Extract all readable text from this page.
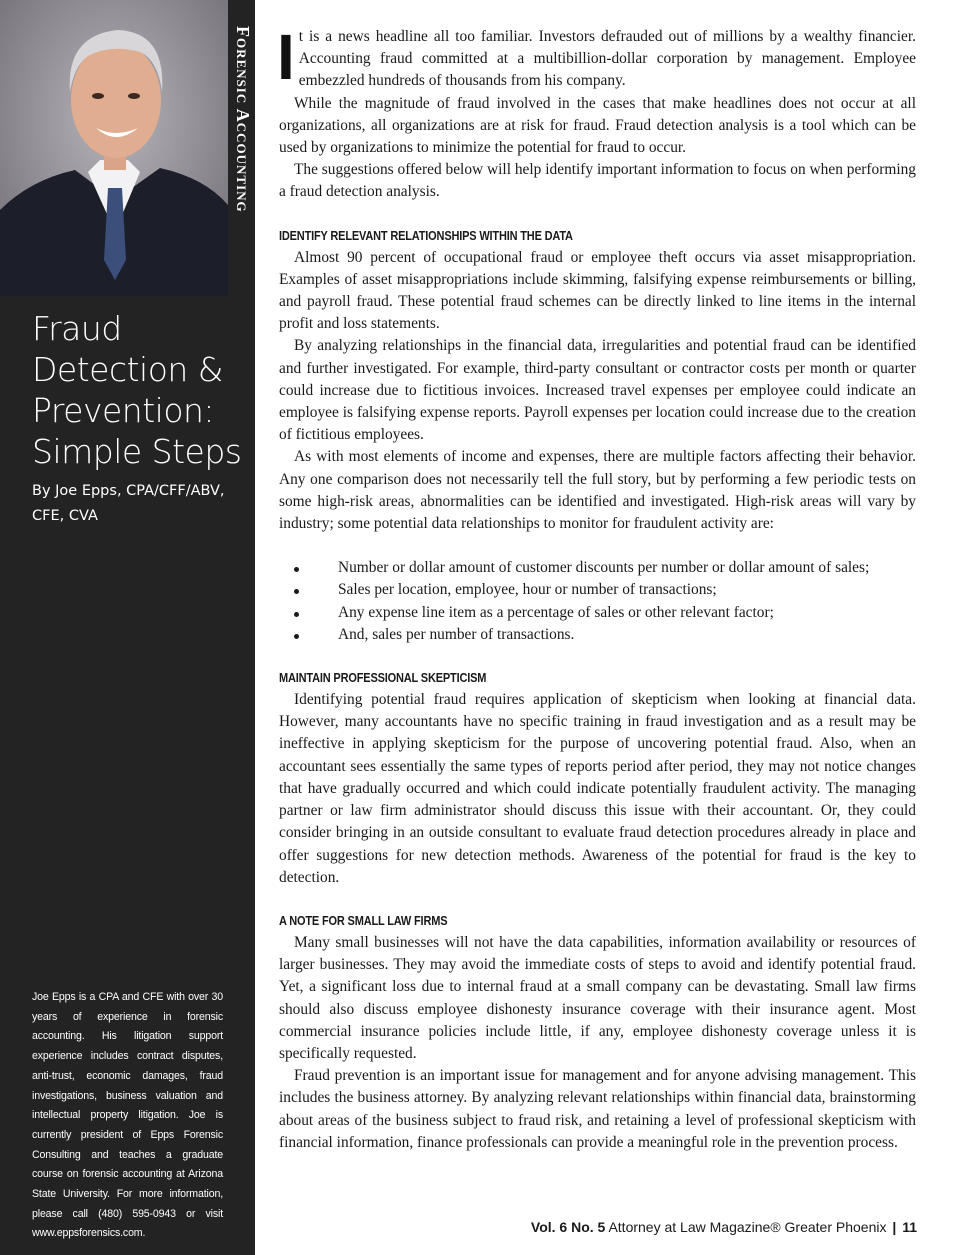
Forensic Accounting
Fraud
Detection &
Prevention:
Simple Steps
By Joe Epps, CPA/CFF/ABV, CFE, CVA
Joe Epps is a CPA and CFE with over 30 years of experience in forensic accounting. His litigation support experience includes contract disputes, anti-trust, economic damages, fraud investigations, business valuation and intellectual property litigation. Joe is currently president of Epps Forensic Consulting and teaches a graduate course on forensic accounting at Arizona State University. For more information, please call (480) 595-0943 or visit www.eppsforensics.com.
I t is a news headline all too familiar. Investors defrauded out of millions by a wealthy financier. Accounting fraud committed at a multibillion-dollar corporation by management. Employee embezzled hundreds of thousands from his company.

While the magnitude of fraud involved in the cases that make headlines does not occur at all organizations, all organizations are at risk for fraud. Fraud detection analysis is a tool which can be used by organizations to minimize the potential for fraud to occur.

The suggestions offered below will help identify important information to focus on when performing a fraud detection analysis.

IDENTIFY RELEVANT RELATIONSHIPS WITHIN THE DATA

Almost 90 percent of occupational fraud or employee theft occurs via asset misappropriation. Examples of asset misappropriations include skimming, falsifying expense reimbursements or billing, and payroll fraud. These potential fraud schemes can be directly linked to line items in the internal profit and loss statements.

By analyzing relationships in the financial data, irregularities and potential fraud can be identified and further investigated. For example, third-party consultant or contractor costs per month or quarter could increase due to fictitious invoices. Increased travel expenses per employee could indicate an employee is falsifying expense reports. Payroll expenses per location could increase due to the creation of fictitious employees.

As with most elements of income and expenses, there are multiple factors affecting their behavior. Any one comparison does not necessarily tell the full story, but by performing a few periodic tests on some high-risk areas, abnormalities can be identified and investigated. High-risk areas will vary by industry; some potential data relationships to monitor for fraudulent activity are:

Number or dollar amount of customer discounts per number or dollar amount of sales;
Sales per location, employee, hour or number of transactions;
Any expense line item as a percentage of sales or other relevant factor;
And, sales per number of transactions.
MAINTAIN PROFESSIONAL SKEPTICISM

Identifying potential fraud requires application of skepticism when looking at financial data. However, many accountants have no specific training in fraud investigation and as a result may be ineffective in applying skepticism for the purpose of uncovering potential fraud. Also, when an accountant sees essentially the same types of reports period after period, they may not notice changes that have gradually occurred and which could indicate potentially fraudulent activity. The managing partner or law firm administrator should discuss this issue with their accountant. Or, they could consider bringing in an outside consultant to evaluate fraud detection procedures already in place and offer suggestions for new detection methods. Awareness of the potential for fraud is the key to detection.

A NOTE FOR SMALL LAW FIRMS

Many small businesses will not have the data capabilities, information availability or resources of larger businesses. They may avoid the immediate costs of steps to avoid and identify potential fraud. Yet, a significant loss due to internal fraud at a small company can be devastating. Small law firms should also discuss employee dishonesty insurance coverage with their insurance agent. Most commercial insurance policies include little, if any, employee dishonesty coverage unless it is specifically requested.

Fraud prevention is an important issue for management and for anyone advising management. This includes the business attorney. By analyzing relevant relationships within financial data, brainstorming about areas of the business subject to fraud risk, and retaining a level of professional skepticism with financial information, finance professionals can provide a meaningful role in the prevention process.

Vol. 6 No. 5 Attorney at Law Magazine® Greater Phoenix | 11
